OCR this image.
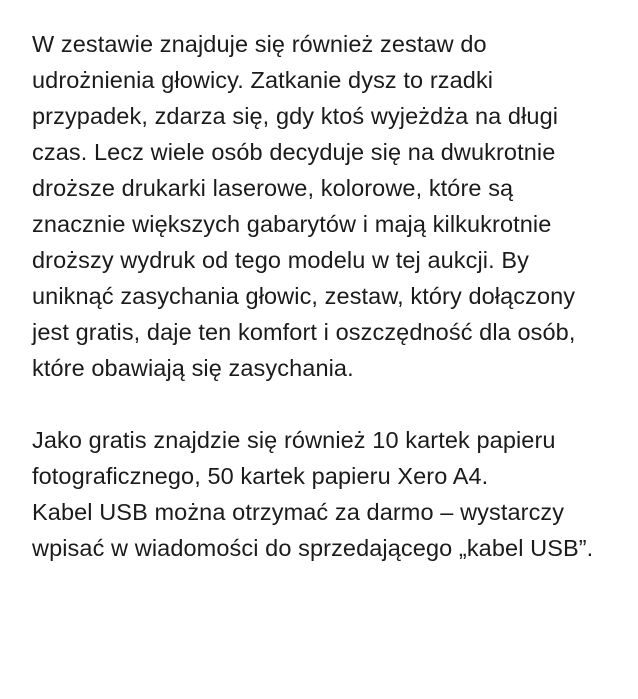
W zestawie znajduje się również zestaw do udrożnienia głowicy. Zatkanie dysz to rzadki przypadek, zdarza się, gdy ktoś wyjeżdża na długi czas. Lecz wiele osób decyduje się na dwukrotnie droższe drukarki laserowe, kolorowe, które są znacznie większych gabarytów i mają kilkukrotnie droższy wydruk od tego modelu w tej aukcji. By uniknąć zasychania głowic, zestaw, który dołączony jest gratis, daje ten komfort i oszczędność dla osób, które obawiają się zasychania.

Jako gratis znajdzie się również 10 kartek papieru fotograficznego, 50 kartek papieru Xero A4.

Kabel USB można otrzymać za darmo – wystarczy wpisać w wiadomości do sprzedającego „kabel USB”.
